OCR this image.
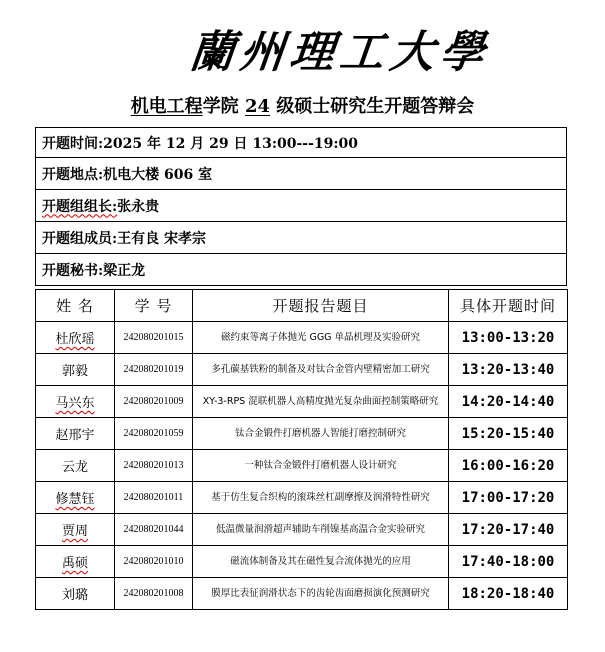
蘭州理工大學
机电工程学院 24 级硕士研究生开题答辩会
开题时间:2025 年 12 月 29 日 13:00---19:00
开题地点:机电大楼 606 室
开题组组长:张永贵
开题组成员:王有良 宋孝宗
开题秘书:梁正龙
姓 名	学 号	开题报告题目	具体开题时间
杜欣瑶	242080201015	磁约束等离子体抛光 GGG 单晶机理及实验研究	13:00-13:20
郭毅	242080201019	多孔碳基铁粉的制备及对钛合金管内壁精密加工研究	13:20-13:40
马兴东	242080201009	XY-3-RPS 混联机器人高精度抛光复杂曲面控制策略研究	14:20-14:40
赵邢宇	242080201059	钛合金锻件打磨机器人智能打磨控制研究	15:20-15:40
云龙	242080201013	一种钛合金锻件打磨机器人设计研究	16:00-16:20
修慧钰	242080201011	基于仿生复合织构的滚珠丝杠副摩擦及润滑特性研究	17:00-17:20
贾周	242080201044	低温微量润滑超声辅助车削镍基高温合金实验研究	17:20-17:40
禹硕	242080201010	磁流体制备及其在磁性复合流体抛光的应用	17:40-18:00
刘璐	242080201008	膜厚比表征润滑状态下的齿轮齿面磨损演化预测研究	18:20-18:40
